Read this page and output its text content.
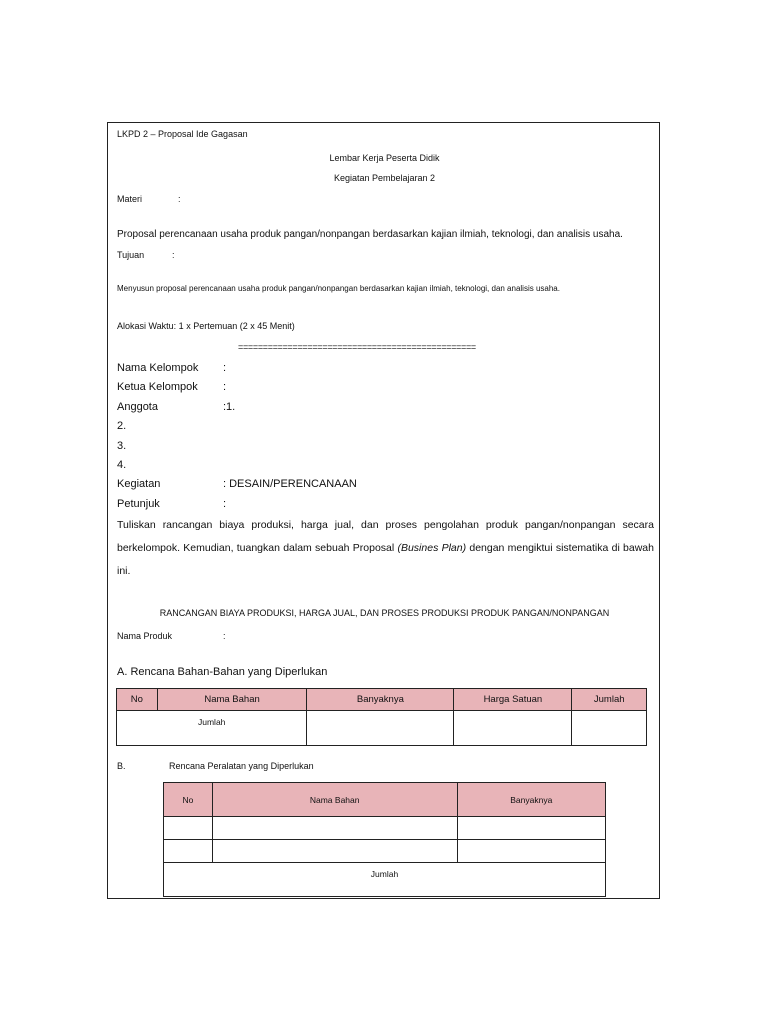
LKPD 2 – Proposal Ide Gagasan
Lembar Kerja Peserta Didik
Kegiatan Pembelajaran 2
Materi	:
Proposal perencanaan usaha produk pangan/nonpangan berdasarkan kajian ilmiah, teknologi, dan analisis usaha.
Tujuan	:
Menyusun proposal perencanaan usaha produk pangan/nonpangan berdasarkan kajian ilmiah, teknologi, dan analisis usaha.
Alokasi Waktu: 1 x Pertemuan (2 x 45 Menit)
================================================
Nama Kelompok :
Ketua Kelompok :
Anggota	:1.
2.
3.
4.
Kegiatan	: DESAIN/PERENCANAAN
Petunjuk	:
Tuliskan rancangan biaya produksi, harga jual, dan proses pengolahan produk pangan/nonpangan secara berkelompok. Kemudian, tuangkan dalam sebuah Proposal (Busines Plan) dengan mengiktui sistematika di bawah ini.
RANCANGAN BIAYA PRODUKSI, HARGA JUAL, DAN PROSES PRODUKSI PRODUK PANGAN/NONPANGAN
Nama Produk	:
A. Rencana Bahan-Bahan yang Diperlukan
No	Nama Bahan	Banyaknya	Harga Satuan	Jumlah
Jumlah				
B.	Rencana Peralatan yang Diperlukan
No	Nama Bahan	Banyaknya

Jumlah		
